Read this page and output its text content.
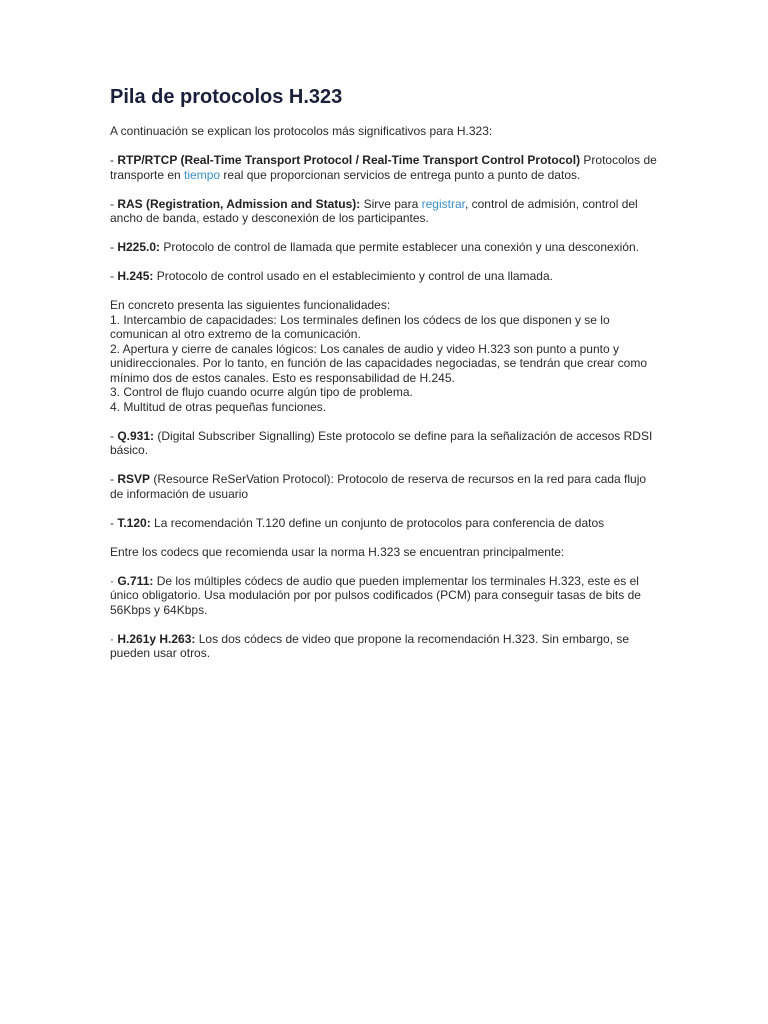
Pila de protocolos H.323

A continuación se explican los protocolos más significativos para H.323:

- RTP/RTCP (Real-Time Transport Protocol / Real-Time Transport Control Protocol) Protocolos de transporte en tiempo real que proporcionan servicios de entrega punto a punto de datos.

- RAS (Registration, Admission and Status): Sirve para registrar, control de admisión, control del ancho de banda, estado y desconexión de los participantes.

- H225.0: Protocolo de control de llamada que permite establecer una conexión y una desconexión.

- H.245: Protocolo de control usado en el establecimiento y control de una llamada.

En concreto presenta las siguientes funcionalidades:

1. Intercambio de capacidades: Los terminales definen los códecs de los que disponen y se lo comunican al otro extremo de la comunicación.

2. Apertura y cierre de canales lógicos: Los canales de audio y video H.323 son punto a punto y unidireccionales. Por lo tanto, en función de las capacidades negociadas, se tendrán que crear como mínimo dos de estos canales. Esto es responsabilidad de H.245.

3. Control de flujo cuando ocurre algún tipo de problema.

4. Multitud de otras pequeñas funciones.

- Q.931: (Digital Subscriber Signalling) Este protocolo se define para la señalización de accesos RDSI básico.

- RSVP (Resource ReSerVation Protocol): Protocolo de reserva de recursos en la red para cada flujo de información de usuario

- T.120: La recomendación T.120 define un conjunto de protocolos para conferencia de datos

Entre los codecs que recomienda usar la norma H.323 se encuentran principalmente:

· G.711: De los múltiples códecs de audio que pueden implementar los terminales H.323, este es el único obligatorio. Usa modulación por por pulsos codificados (PCM) para conseguir tasas de bits de 56Kbps y 64Kbps.

· H.261y H.263: Los dos códecs de video que propone la recomendación H.323. Sin embargo, se pueden usar otros.
